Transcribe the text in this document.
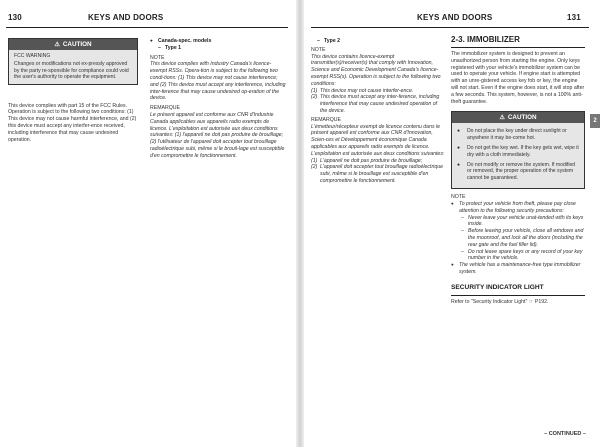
130	KEYS AND DOORS
⚠ CAUTION
FCC WARNING
Changes or modifications not ex-pressly approved by the party re-sponsible for compliance could void the user's authority to operate the equipment.
This device complies with part 15 of the FCC Rules. Operation is subject to the following two conditions: (1) This device may not cause harmful interference, and (2) this device must accept any interfer-ence received, including interference that may cause undesired operation.
● Canada-spec. models
– Type 1
NOTE
This device complies with Industry Canada's licence-exempt RSSs. Opera-tion is subject to the following two condi-tions: (1) This device may not cause interference; and (2) This device must accept any interference, including inter-ference that may cause undesired op-eration of the device.
REMARQUE
Le présent appareil est conforme aux CNR d'Industrie Canada applicables aux appareils radio exempts de licence. L'exploitation est autorisée aux deux conditions suivantes: (1) l'appareil ne doit pas produire de brouillage; (2) l'utilisateur de l'appareil doit accepter tout brouillage radioélectrique subi, même si le brouil-lage est susceptible d'en compromettre le fonctionnement.
KEYS AND DOORS	131
2
– Type 2
NOTE
This device contains licence-exempt transmitter(s)/receiver(s) that comply with Innovation, Science and Economic Development Canada's licence-exempt RSS(s). Operation is subject to the following two conditions:
(1) This device may not cause interfer-ence.
(2) This device must accept any inter-ference, including interference that may cause undesired operation of the device.
REMARQUE
L'émetteur/récepteur exempt de licence contenu dans le présent appareil est conforme aux CNR d'Innovation, Scien-ces et Développement économique Canada applicables aux appareils radio exempts de licence. L'exploitation est autorisée aux deux conditions suivantes:
(1) L'appareil ne doit pas produire de brouillage;
(2) L'appareil doit accepter tout brouillage radioélectrique subi, même si le brouillage est susceptible d'en compromettre le fonctionnement.
2-3. IMMOBILIZER
The immobilizer system is designed to prevent an unauthorized person from starting the engine. Only keys registered with your vehicle's immobilizer system can be used to operate your vehicle. If engine start is attempted with an unre-gistered access key fob or key, the engine will not start. Even if the engine does start, it will stop after a few seconds. This system, however, is not a 100% anti-theft guarantee.
⚠ CAUTION
● Do not place the key under direct sunlight or anywhere it may be-come hot.
● Do not get the key wet. If the key gets wet, wipe it dry with a cloth immediately.
● Do not modify or remove the system. If modified or removed, the proper operation of the system cannot be guaranteed.
NOTE
● To protect your vehicle from theft, please pay close attention to the following security precautions:
– Never leave your vehicle unat-tended with its keys inside.
– Before leaving your vehicle, close all windows and the moonroof, and lock all the doors (including the rear gate and the fuel filler lid).
– Do not leave spare keys or any record of your key number in the vehicle.
● The vehicle has a maintenance-free type immobilizer system.
SECURITY INDICATOR LIGHT
Refer to "Security Indicator Light" ☞ P192.
– CONTINUED –
